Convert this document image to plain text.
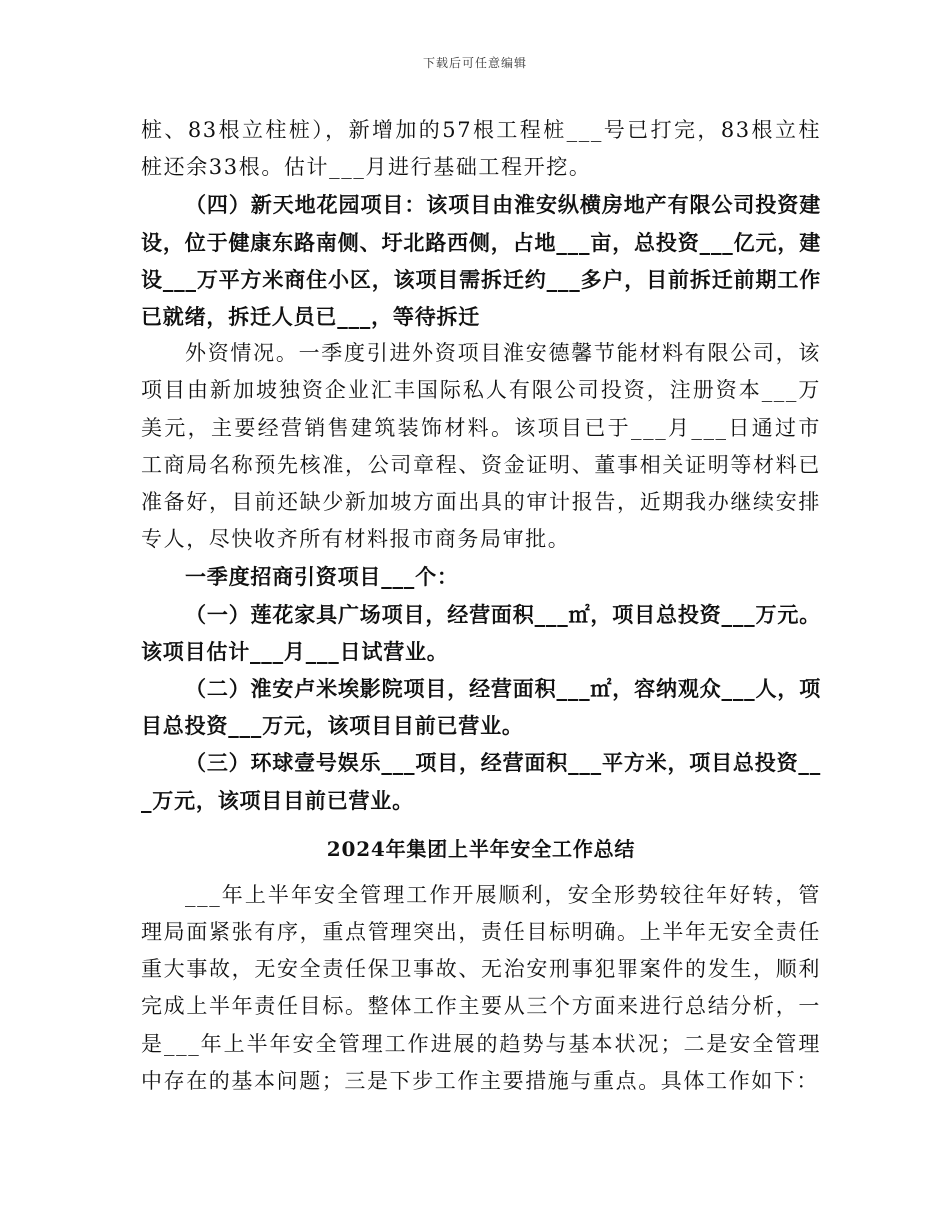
下载后可任意编辑

桩、83根立柱桩），新增加的57根工程桩___号已打完，83根立柱桩还余33根。估计___月进行基础工程开挖。

（四）新天地花园项目：该项目由淮安纵横房地产有限公司投资建设，位于健康东路南侧、圩北路西侧，占地___亩，总投资___亿元，建设___万平方米商住小区，该项目需拆迁约___多户，目前拆迁前期工作已就绪，拆迁人员已___，等待拆迁

外资情况。一季度引进外资项目淮安德馨节能材料有限公司，该项目由新加坡独资企业汇丰国际私人有限公司投资，注册资本___万美元，主要经营销售建筑装饰材料。该项目已于___月___日通过市工商局名称预先核准，公司章程、资金证明、董事相关证明等材料已准备好，目前还缺少新加坡方面出具的审计报告，近期我办继续安排专人，尽快收齐所有材料报市商务局审批。

一季度招商引资项目___个：

（一）莲花家具广场项目，经营面积___㎡，项目总投资___万元。该项目估计___月___日试营业。

（二）淮安卢米埃影院项目，经营面积___㎡，容纳观众___人，项目总投资___万元，该项目目前已营业。

（三）环球壹号娱乐___项目，经营面积___平方米，项目总投资___万元，该项目目前已营业。

2024年集团上半年安全工作总结

___年上半年安全管理工作开展顺利，安全形势较往年好转，管理局面紧张有序，重点管理突出，责任目标明确。上半年无安全责任重大事故，无安全责任保卫事故、无治安刑事犯罪案件的发生，顺利完成上半年责任目标。整体工作主要从三个方面来进行总结分析，一是___年上半年安全管理工作进展的趋势与基本状况；二是安全管理中存在的基本问题；三是下步工作主要措施与重点。具体工作如下：
